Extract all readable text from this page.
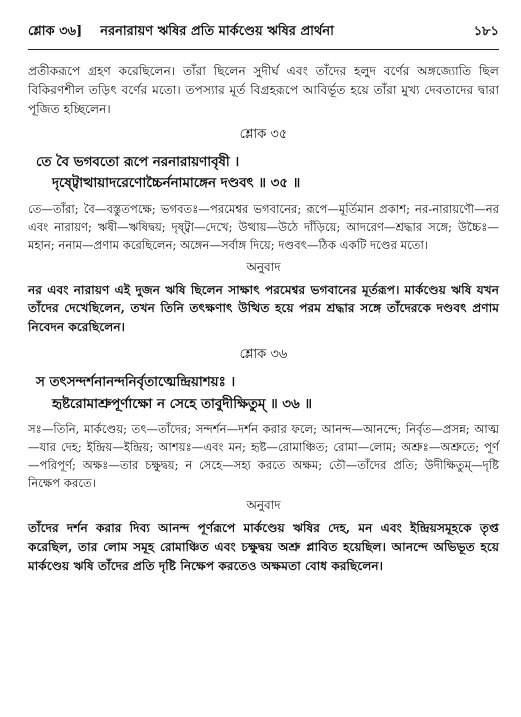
শ্লোক ৩৬] নরনারায়ণ ঋষির প্রতি মার্কণ্ডেয় ঋষির প্রার্থনা	১৮১

প্রতীকরূপে গ্রহণ করেছিলেন। তাঁরা ছিলেন সুদীর্ঘ এবং তাঁদের হলুদ বর্ণের অঙ্গজ্যোতি ছিল বিকিরণশীল তড়িৎ বর্ণের মতো। তপস্যার মূর্ত বিগ্রহরূপে আবির্ভূত হয়ে তাঁরা মুখ্য দেবতাদের দ্বারা পূজিত হচ্ছিলেন।

শ্লোক ৩৫
তে বৈ ভগবতো রূপে নরনারায়ণাবৃষী ।
দৃষ্ট্বোত্থায়াদরেণোচ্চৈর্ননামাঙ্গেন দণ্ডবৎ ॥ ৩৫ ॥

তে—তাঁরা; বৈ—বস্তুতপক্ষে; ভগবতঃ—পরমেশ্বর ভগবানের; রূপে—মূর্তিমান প্রকাশ; নর-নারায়ণৌ—নর এবং নারায়ণ; ঋষী—ঋষিদ্বয়; দৃষ্ট্বা—দেখে; উত্থায়—উঠে দাঁড়িয়ে; আদরেণ—শ্রদ্ধার সঙ্গে; উচ্চৈঃ—মহান; ননাম—প্রণাম করেছিলেন; অঙ্গেন—সর্বাঙ্গ দিয়ে; দণ্ডবৎ—ঠিক একটি দণ্ডের মতো।

অনুবাদ

নর এবং নারায়ণ এই দুজন ঋষি ছিলেন সাক্ষাৎ পরমেশ্বর ভগবানের মূর্তরূপ। মার্কণ্ডেয় ঋষি যখন তাঁদের দেখেছিলেন, তখন তিনি তৎক্ষণাৎ উত্থিত হয়ে পরম শ্রদ্ধার সঙ্গে তাঁদেরকে দণ্ডবৎ প্রণাম নিবেদন করেছিলেন।

শ্লোক ৩৬
স তৎসন্দর্শনানন্দনির্বৃতাত্মেন্দ্রিয়াশয়ঃ ।
হৃষ্টরোমাশ্রুপূর্ণাক্ষো ন সেহে তাবুদীক্ষিতুম্ ॥ ৩৬ ॥

সঃ—তিনি, মার্কণ্ডেয়; তৎ—তাঁদের; সন্দর্শন—দর্শন করার ফলে; আনন্দ—আনন্দে; নির্বৃত—প্রসন্ন; আত্ম—যার দেহ; ইন্দ্রিয়—ইন্দ্রিয়; আশয়ঃ—এবং মন; হৃষ্ট—রোমাঞ্চিত; রোমা—লোম; অশ্রুঃ—অশ্রুতে; পূর্ণ—পরিপূর্ণ; অক্ষঃ—তার চক্ষুদ্বয়; ন সেহে—সহ্য করতে অক্ষম; তৌ—তাঁদের প্রতি; উদীক্ষিতুম্—দৃষ্টি নিক্ষেপ করতে।

অনুবাদ

তাঁদের দর্শন করার দিব্য আনন্দ পূর্ণরূপে মার্কণ্ডেয় ঋষির দেহ, মন এবং ইন্দ্রিয়সমূহকে তৃপ্ত করেছিল, তার লোম সমূহ রোমাঞ্চিত এবং চক্ষুদ্বয় অশ্রু প্লাবিত হয়েছিল। আনন্দে অভিভূত হয়ে মার্কণ্ডেয় ঋষি তাঁদের প্রতি দৃষ্টি নিক্ষেপ করতেও অক্ষমতা বোধ করছিলেন।
